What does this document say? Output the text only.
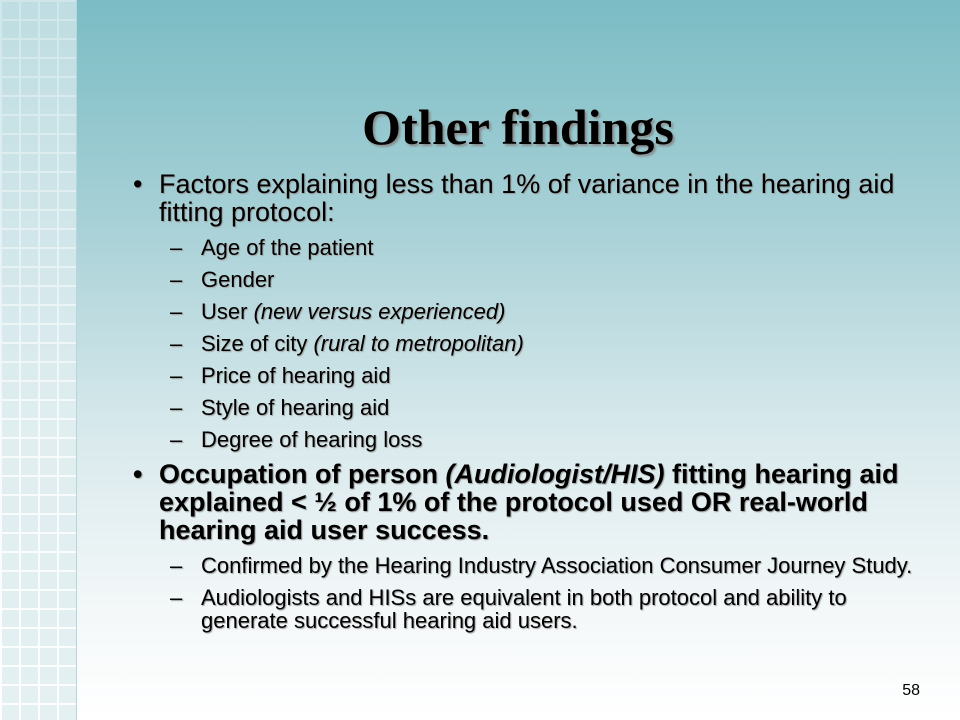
Other findings
• Factors explaining less than 1% of variance in the hearing aid fitting protocol:
– Age of the patient
– Gender
– User (new versus experienced)
– Size of city (rural to metropolitan)
– Price of hearing aid
– Style of hearing aid
– Degree of hearing loss
• Occupation of person (Audiologist/HIS) fitting hearing aid explained < ½ of 1% of the protocol used OR real-world hearing aid user success.
– Confirmed by the Hearing Industry Association Consumer Journey Study.
– Audiologists and HISs are equivalent in both protocol and ability to generate successful hearing aid users.
58
